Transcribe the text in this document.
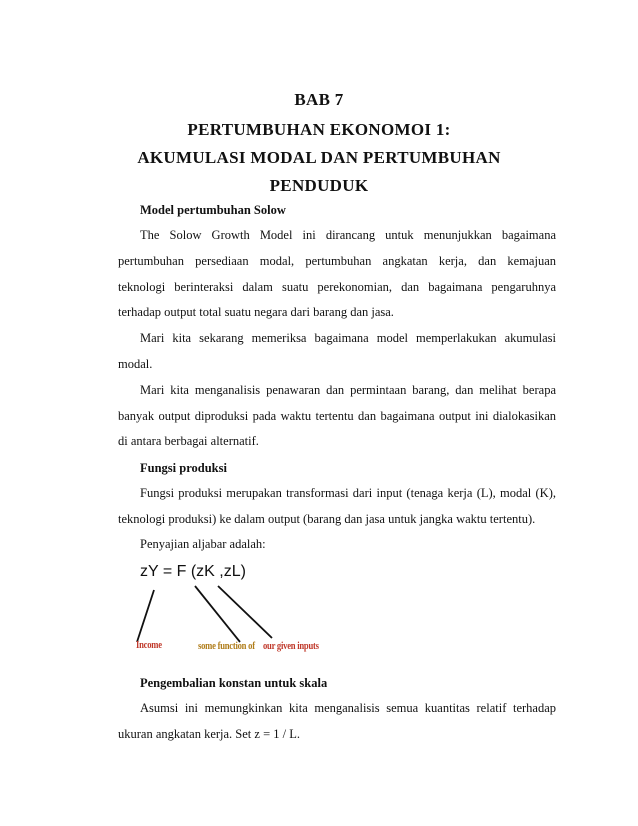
BAB 7
PERTUMBUHAN EKONOMOI 1:
AKUMULASI MODAL DAN PERTUMBUHAN
PENDUDUK
Model pertumbuhan Solow
The Solow Growth Model ini dirancang untuk menunjukkan bagaimana
pertumbuhan persediaan modal, pertumbuhan angkatan kerja, dan kemajuan
teknologi berinteraksi dalam suatu perekonomian, dan bagaimana pengaruhnya
terhadap output total suatu negara dari barang dan jasa.
Mari kita sekarang memeriksa bagaimana model memperlakukan akumulasi
modal.
Mari kita menganalisis penawaran dan permintaan barang, dan melihat berapa
banyak output diproduksi pada waktu tertentu dan bagaimana output ini dialokasikan
di antara berbagai alternatif.
Fungsi produksi
Fungsi produksi merupakan transformasi dari input (tenaga kerja (L), modal (K),
teknologi produksi) ke dalam output (barang dan jasa untuk jangka waktu tertentu).
Penyajian aljabar adalah:
zY = F (zK ,zL)
Income	some function of our given inputs
Pengembalian konstan untuk skala
Asumsi ini memungkinkan kita menganalisis semua kuantitas relatif terhadap
ukuran angkatan kerja. Set z = 1 / L.
